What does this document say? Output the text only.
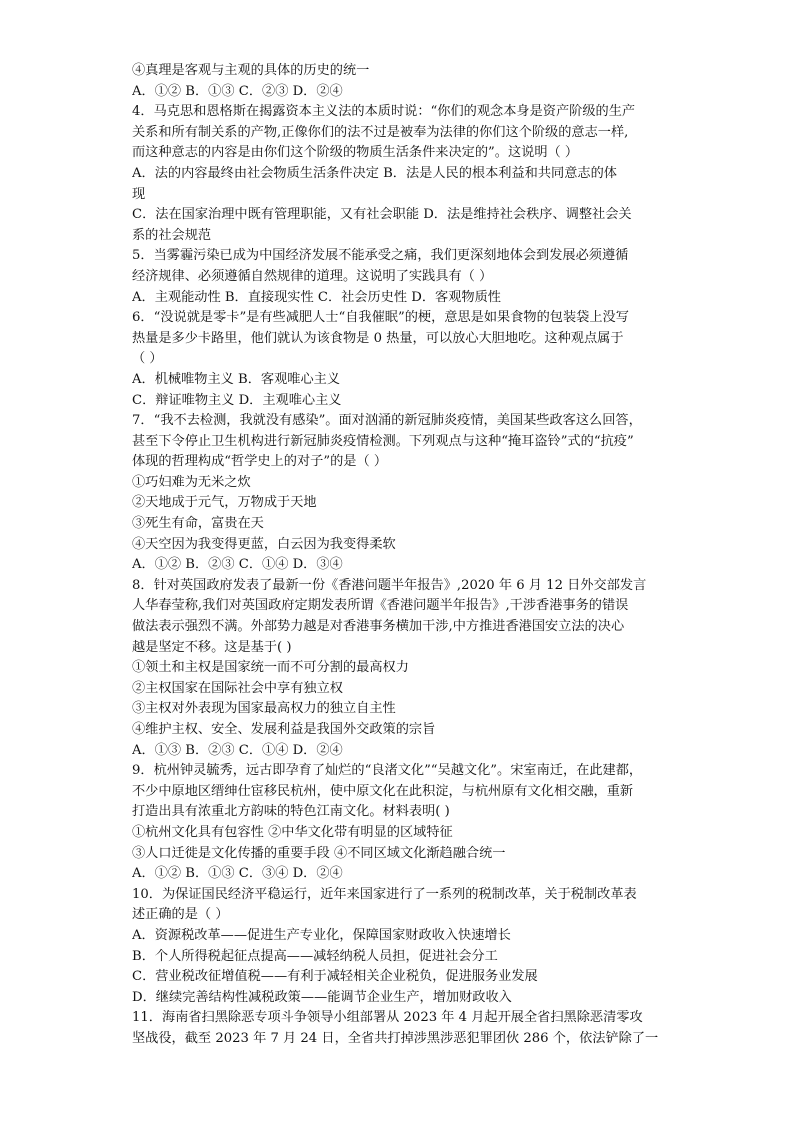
④真理是客观与主观的具体的历史的统一
A．①② B．①③ C．②③ D．②④
4．马克思和恩格斯在揭露资本主义法的本质时说：“你们的观念本身是资产阶级的生产
关系和所有制关系的产物,正像你们的法不过是被奉为法律的你们这个阶级的意志一样,
而这种意志的内容是由你们这个阶级的物质生活条件来决定的”。这说明（ ）
A．法的内容最终由社会物质生活条件决定 B．法是人民的根本利益和共同意志的体
现
C．法在国家治理中既有管理职能，又有社会职能 D．法是维持社会秩序、调整社会关
系的社会规范
5．当雾霾污染已成为中国经济发展不能承受之痛，我们更深刻地体会到发展必须遵循
经济规律、必须遵循自然规律的道理。这说明了实践具有（ ）
A．主观能动性 B．直接现实性 C．社会历史性 D．客观物质性
6．“没说就是零卡”是有些减肥人士“自我催眠”的梗，意思是如果食物的包装袋上没写
热量是多少卡路里，他们就认为该食物是 0 热量，可以放心大胆地吃。这种观点属于
（ ）
A．机械唯物主义 B．客观唯心主义
C．辩证唯物主义 D．主观唯心主义
7．“我不去检测，我就没有感染”。面对汹涌的新冠肺炎疫情，美国某些政客这么回答，
甚至下令停止卫生机构进行新冠肺炎疫情检测。下列观点与这种“掩耳盗铃”式的“抗疫”
体现的哲理构成“哲学史上的对子”的是（ ）
①巧妇难为无米之炊
②天地成于元气，万物成于天地
③死生有命，富贵在天
④天空因为我变得更蓝，白云因为我变得柔软
A．①② B．②③ C．①④ D．③④
8．针对英国政府发表了最新一份《香港问题半年报告》,2020 年 6 月 12 日外交部发言
人华春莹称,我们对英国政府定期发表所谓《香港问题半年报告》,干涉香港事务的错误
做法表示强烈不满。外部势力越是对香港事务横加干涉,中方推进香港国安立法的决心
越是坚定不移。这是基于( )
①领土和主权是国家统一而不可分割的最高权力
②主权国家在国际社会中享有独立权
③主权对外表现为国家最高权力的独立自主性
④维护主权、安全、发展利益是我国外交政策的宗旨
A．①③ B．②③ C．①④ D．②④
9．杭州钟灵毓秀，远古即孕育了灿烂的“良渚文化”“吴越文化”。宋室南迁，在此建都，
不少中原地区缙绅仕宦移民杭州，使中原文化在此积淀，与杭州原有文化相交融，重新
打造出具有浓重北方韵味的特色江南文化。材料表明( )
①杭州文化具有包容性 ②中华文化带有明显的区域特征
③人口迁徙是文化传播的重要手段 ④不同区域文化渐趋融合统一
A．①② B．①③ C．③④ D．②④
10．为保证国民经济平稳运行，近年来国家进行了一系列的税制改革，关于税制改革表
述正确的是（ ）
A．资源税改革——促进生产专业化，保障国家财政收入快速增长
B．个人所得税起征点提高——减轻纳税人员担，促进社会分工
C．营业税改征增值税——有利于减轻相关企业税负，促进服务业发展
D．继续完善结构性减税政策——能调节企业生产，增加财政收入
11．海南省扫黑除恶专项斗争领导小组部署从 2023 年 4 月起开展全省扫黑除恶清零攻
坚战役，截至 2023 年 7 月 24 日，全省共打掉涉黑涉恶犯罪团伙 286 个，依法铲除了一
